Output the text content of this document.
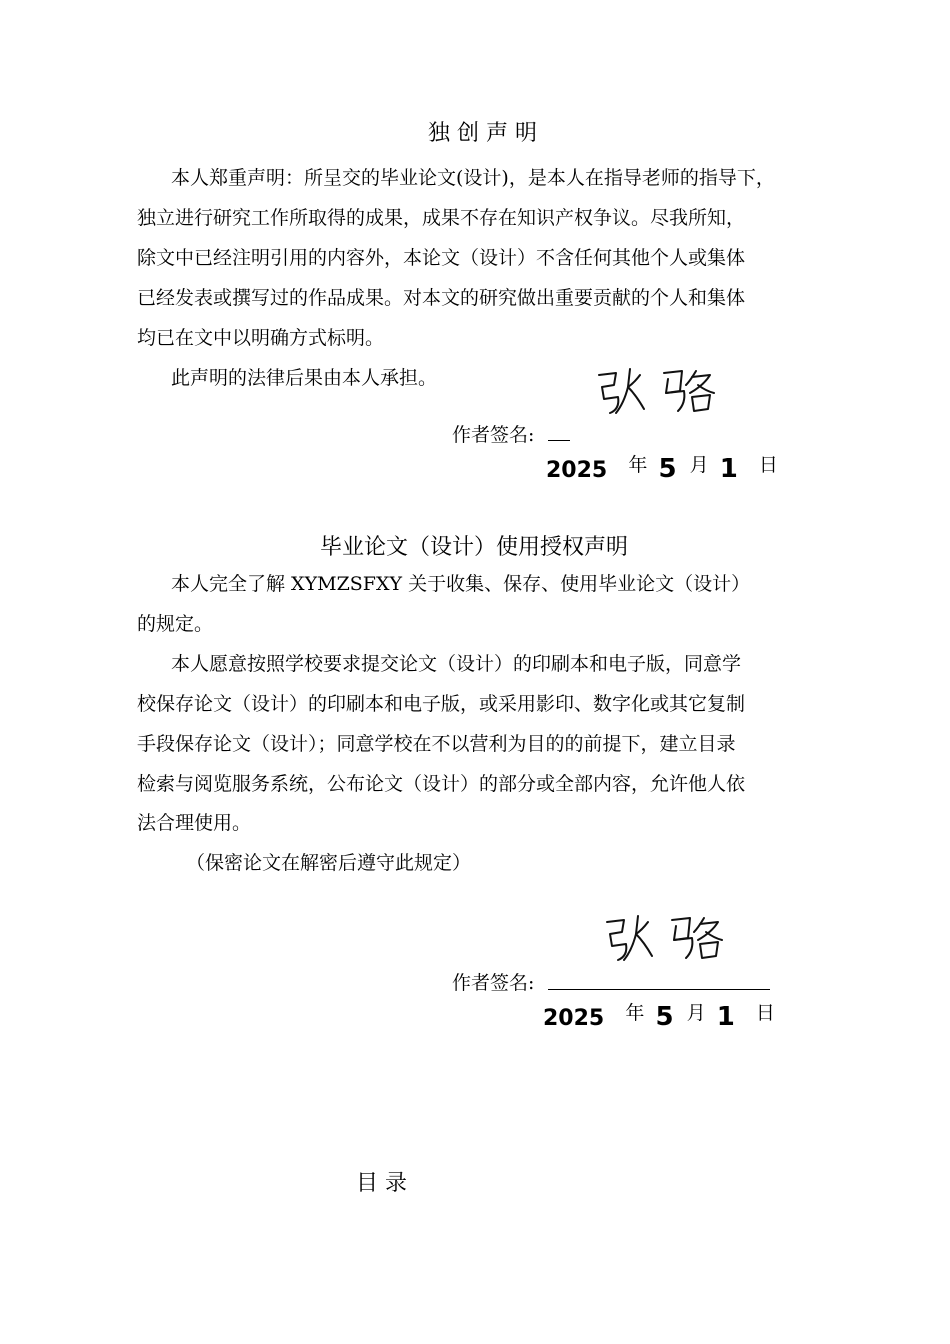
独 创 声 明
本人郑重声明：所呈交的毕业论文(设计)，是本人在指导老师的指导下，
独立进行研究工作所取得的成果，成果不存在知识产权争议。尽我所知，
除文中已经注明引用的内容外，本论文（设计）不含任何其他个人或集体
已经发表或撰写过的作品成果。对本文的研究做出重要贡献的个人和集体
均已在文中以明确方式标明。
此声明的法律后果由本人承担。
作者签名:
2025 年 5 月 1 日
毕业论文（设计）使用授权声明
本人完全了解 XYMZSFXY 关于收集、保存、使用毕业论文（设计）
的规定。
本人愿意按照学校要求提交论文（设计）的印刷本和电子版，同意学
校保存论文（设计）的印刷本和电子版，或采用影印、数字化或其它复制
手段保存论文（设计）；同意学校在不以营利为目的的前提下，建立目录
检索与阅览服务系统，公布论文（设计）的部分或全部内容，允许他人依
法合理使用。
（保密论文在解密后遵守此规定）
作者签名:
2025 年 5 月 1 日
目 录
